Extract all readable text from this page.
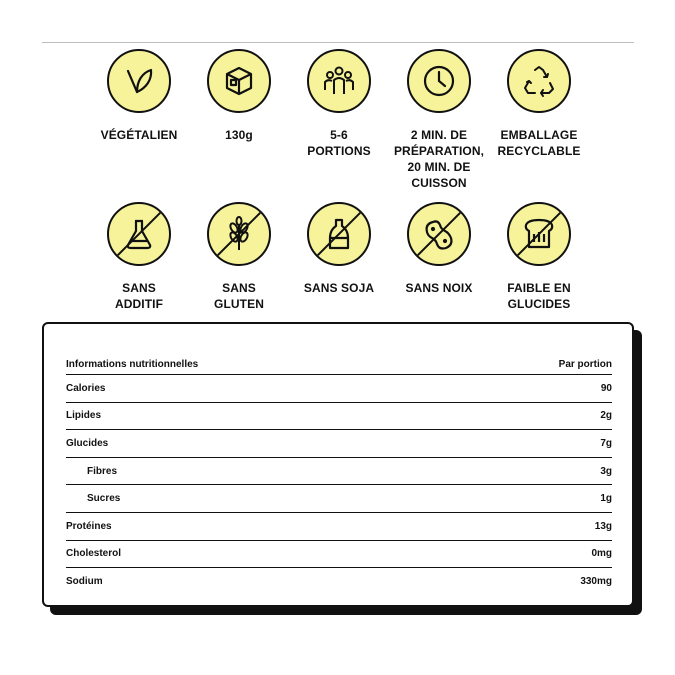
VÉGÉTALIEN	130g	5-6
PORTIONS
2 MIN. DE
PRÉPARATION,
20 MIN. DE
CUISSON
EMBALLAGE
RECYCLABLE
SANS
ADDITIF
SANS
GLUTEN
SANS SOJA	SANS NOIX	FAIBLE EN
GLUCIDES
Informations nutritionnelles	Par portion
Calories	90
Lipides	2g
Glucides	7g
Fibres	3g
Sucres	1g
Protéines	13g
Cholesterol	0mg
Sodium	330mg
